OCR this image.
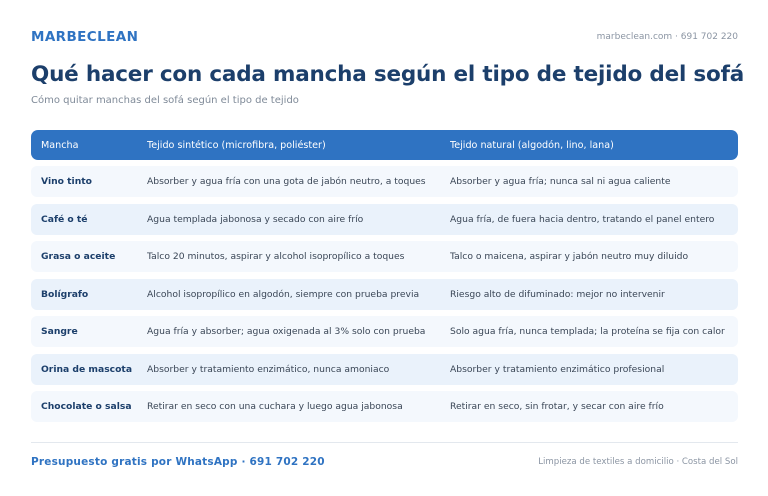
MARBECLEAN	marbeclean.com · 691 702 220
Qué hacer con cada mancha según el tipo de tejido del sofá

Cómo quitar manchas del sofá según el tipo de tejido

Mancha	Tejido sintético (microfibra, poliéster)	Tejido natural (algodón, lino, lana)
Vino tinto	Absorber y agua fría con una gota de jabón neutro, a toques	Absorber y agua fría; nunca sal ni agua caliente
Café o té	Agua templada jabonosa y secado con aire frío	Agua fría, de fuera hacia dentro, tratando el panel entero
Grasa o aceite	Talco 20 minutos, aspirar y alcohol isopropílico a toques	Talco o maicena, aspirar y jabón neutro muy diluido
Bolígrafo	Alcohol isopropílico en algodón, siempre con prueba previa	Riesgo alto de difuminado: mejor no intervenir
Sangre	Agua fría y absorber; agua oxigenada al 3% solo con prueba	Solo agua fría, nunca templada; la proteína se fija con calor
Orina de mascota	Absorber y tratamiento enzimático, nunca amoniaco	Absorber y tratamiento enzimático profesional
Chocolate o salsa	Retirar en seco con una cuchara y luego agua jabonosa	Retirar en seco, sin frotar, y secar con aire frío
Presupuesto gratis por WhatsApp · 691 702 220	Limpieza de textiles a domicilio · Costa del Sol
